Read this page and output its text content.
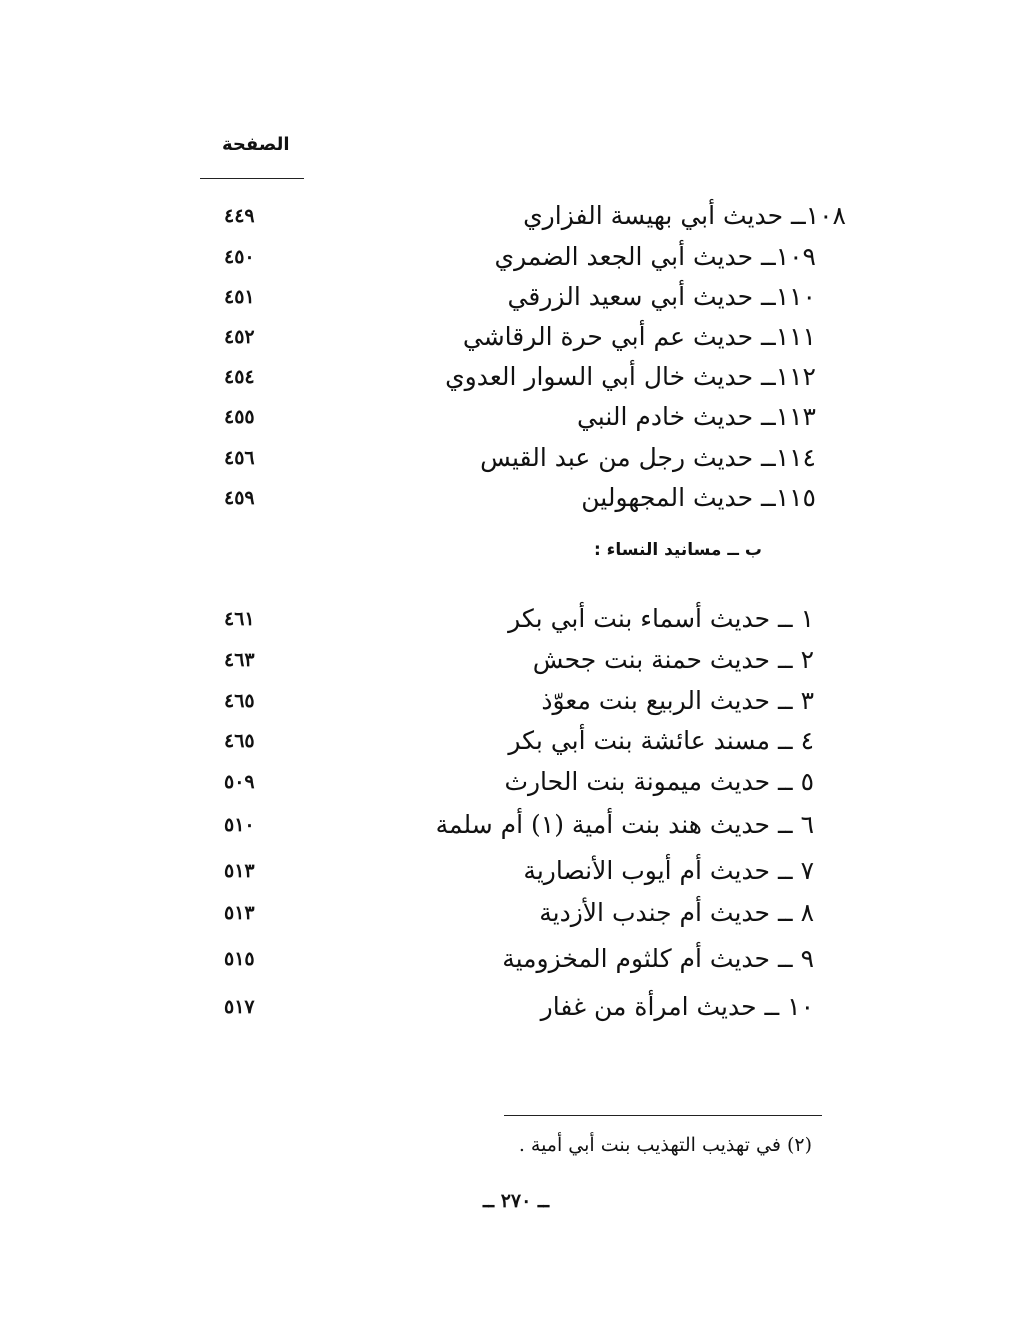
الصفحة
١٠٨ــ حديث أبي بهيسة الفزاري
٤٤٩
١٠٩ــ حديث أبي الجعد الضمري
٤٥٠
١١٠ــ حديث أبي سعيد الزرقي
٤٥١
١١١ــ حديث عم أبي حرة الرقاشي
٤٥٢
١١٢ــ حديث خال أبي السوار العدوي
٤٥٤
١١٣ــ حديث خادم النبي
٤٥٥
١١٤ــ حديث رجل من عبد القيس
٤٥٦
١١٥ــ حديث المجهولين
٤٥٩
ب ــ مسانيد النساء :
١ ــ حديث أسماء بنت أبي بكر
٤٦١
٢ ــ حديث حمنة بنت جحش
٤٦٣
٣ ــ حديث الربيع بنت معوّذ
٤٦٥
٤ ــ مسند عائشة بنت أبي بكر
٤٦٥
٥ ــ حديث ميمونة بنت الحارث
٥٠٩
٦ ــ حديث هند بنت أمية (١) أم سلمة
٥١٠
٧ ــ حديث أم أيوب الأنصارية
٥١٣
٨ ــ حديث أم جندب الأزدية
٥١٣
٩ ــ حديث أم كلثوم المخزومية
٥١٥
١٠ ــ حديث امرأة من غفار
٥١٧
(٢) في تهذيب التهذيب بنت أبي أمية .
ــ ٢٧٠ ــ
